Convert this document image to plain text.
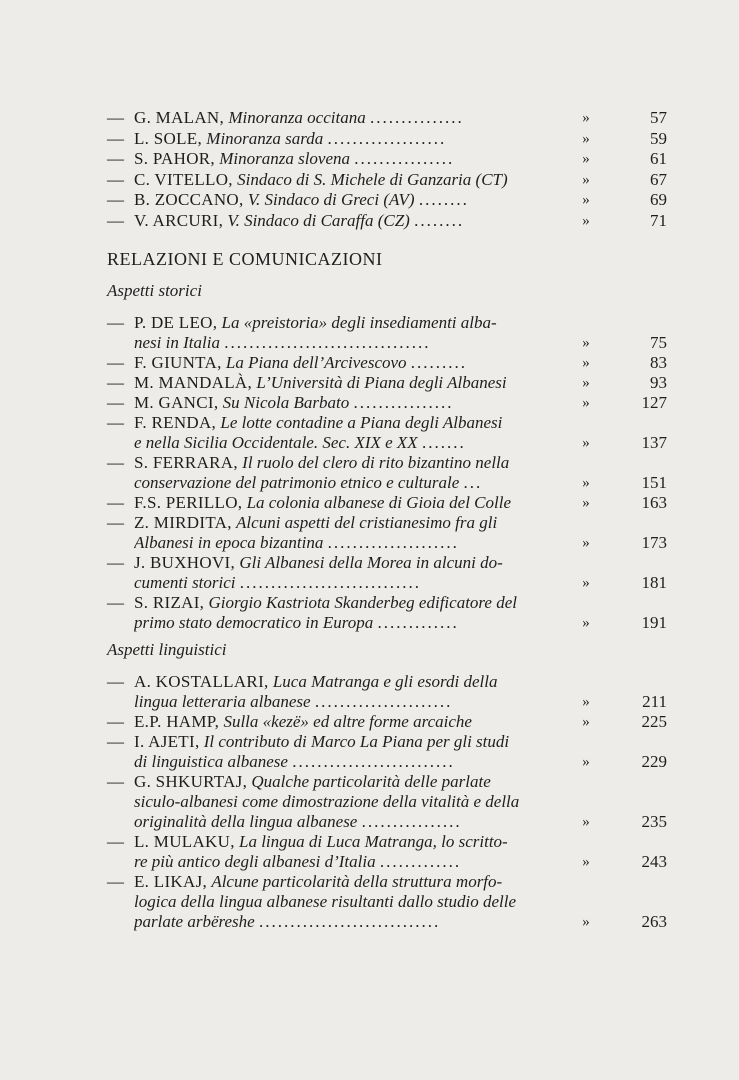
— G. MALAN, Minoranza occitana ...............	»	57
— L. SOLE, Minoranza sarda ...................	»	59
— S. PAHOR, Minoranza slovena ................	»	61
— C. VITELLO, Sindaco di S. Michele di Ganzaria (CT)	»	67
— B. ZOCCANO, V. Sindaco di Greci (AV) ........	»	69
— V. ARCURI, V. Sindaco di Caraffa (CZ) ........	»	71
RELAZIONI E COMUNICAZIONI
Aspetti storici
— P. DE LEO, La «preistoria» degli insediamenti alba-
nesi in Italia .................................	»	75
— F. GIUNTA, La Piana dell’Arcivescovo .........	»	83
— M. MANDALÀ, L’Università di Piana degli Albanesi	»	93
— M. GANCI, Su Nicola Barbato ................	»	127
— F. RENDA, Le lotte contadine a Piana degli Albanesi
e nella Sicilia Occidentale. Sec. XIX e XX .......	»	137
— S. FERRARA, Il ruolo del clero di rito bizantino nella
conservazione del patrimonio etnico e culturale ...	»	151
— F.S. PERILLO, La colonia albanese di Gioia del Colle	»	163
— Z. MIRDITA, Alcuni aspetti del cristianesimo fra gli
Albanesi in epoca bizantina .....................	»	173
— J. BUXHOVI, Gli Albanesi della Morea in alcuni do-
cumenti storici .............................	»	181
— S. RIZAI, Giorgio Kastriota Skanderbeg edificatore del
primo stato democratico in Europa .............	»	191
Aspetti linguistici
— A. KOSTALLARI, Luca Matranga e gli esordi della
lingua letteraria albanese ......................	»	211
— E.P. HAMP, Sulla «kezë» ed altre forme arcaiche	»	225
— I. AJETI, Il contributo di Marco La Piana per gli studi
di linguistica albanese ..........................	»	229
— G. SHKURTAJ, Qualche particolarità delle parlate
siculo-albanesi come dimostrazione della vitalità e della
originalità della lingua albanese ................	»	235
— L. MULAKU, La lingua di Luca Matranga, lo scritto-
re più antico degli albanesi d’Italia .............	»	243
— E. LIKAJ, Alcune particolarità della struttura morfo-
logica della lingua albanese risultanti dallo studio delle
parlate arbëreshe .............................	»	263
